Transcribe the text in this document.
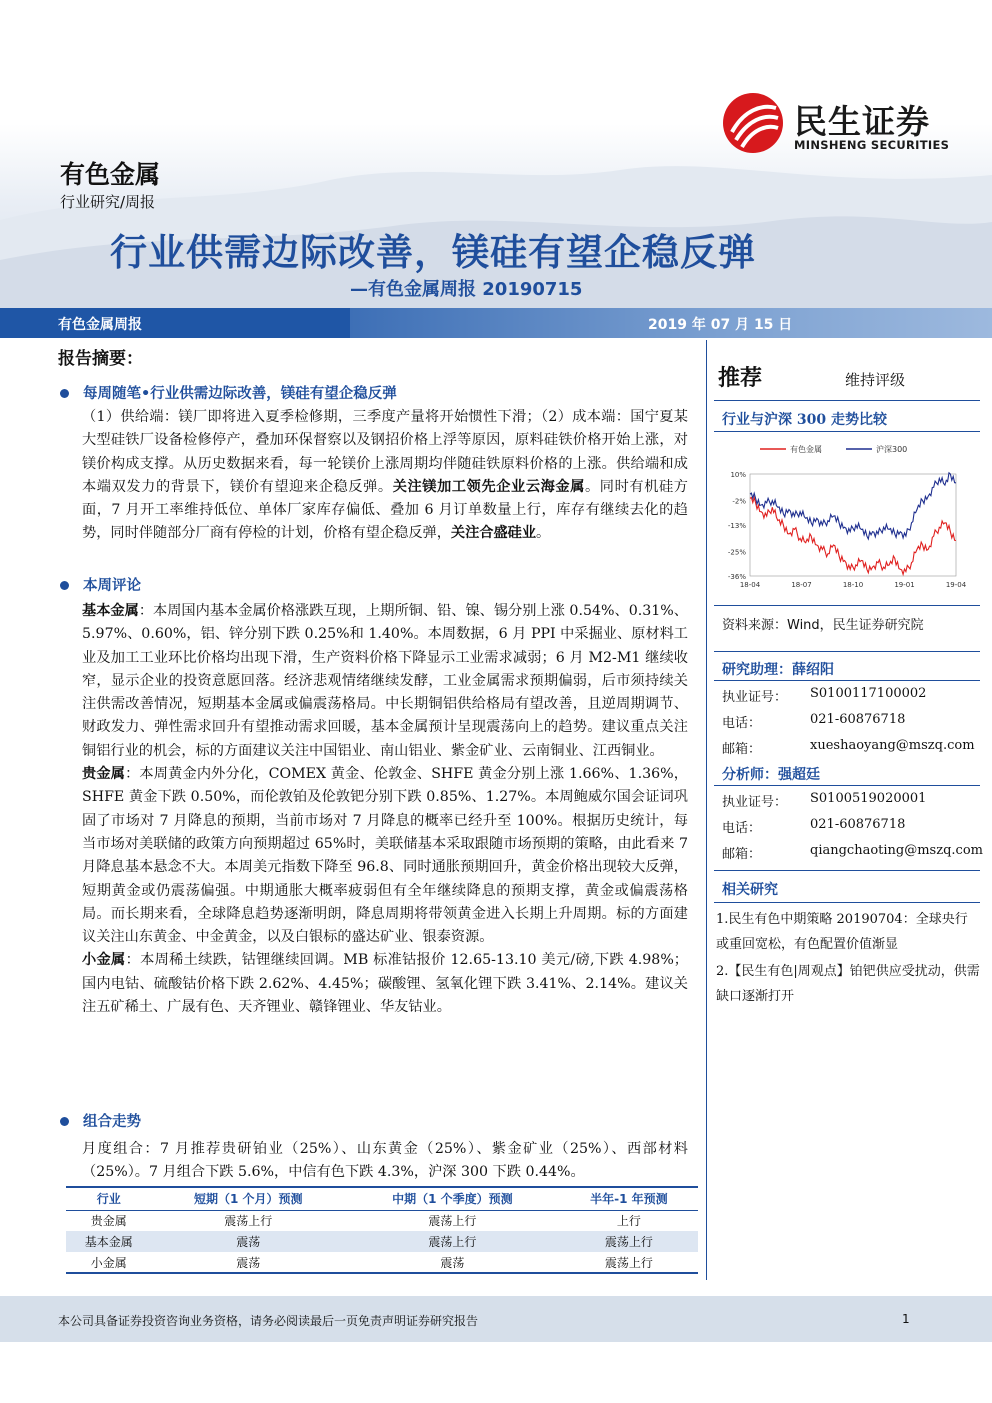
民生证券
MINSHENG SECURITIES
有色金属
行业研究/周报
行业供需边际改善，镁硅有望企稳反弹
—有色金属周报 20190715
有色金属周报	2019 年 07 月 15 日
报告摘要：
每周随笔•行业供需边际改善，镁硅有望企稳反弹
（1）供给端：镁厂即将进入夏季检修期，三季度产量将开始惯性下滑；（2）成本端：国宁夏某大型硅铁厂设备检修停产，叠加环保督察以及钢招价格上浮等原因，原料硅铁价格开始上涨，对镁价构成支撑。从历史数据来看，每一轮镁价上涨周期均伴随硅铁原料价格的上涨。供给端和成本端双发力的背景下，镁价有望迎来企稳反弹。关注镁加工领先企业云海金属。同时有机硅方面，7 月开工率维持低位、单体厂家库存偏低、叠加 6 月订单数量上行，库存有继续去化的趋势，同时伴随部分厂商有停检的计划，价格有望企稳反弹，关注合盛硅业。
本周评论
基本金属：本周国内基本金属价格涨跌互现，上期所铜、铅、镍、锡分别上涨 0.54%、0.31%、5.97%、0.60%，铝、锌分别下跌 0.25%和 1.40%。本周数据，6 月 PPI 中采掘业、原材料工业及加工工业环比价格均出现下滑，生产资料价格下降显示工业需求减弱；6 月 M2-M1 继续收窄，显示企业的投资意愿回落。经济悲观情绪继续发酵，工业金属需求预期偏弱，后市须持续关注供需改善情况，短期基本金属或偏震荡格局。中长期铜铝供给格局有望改善，且逆周期调节、财政发力、弹性需求回升有望推动需求回暖，基本金属预计呈现震荡向上的趋势。建议重点关注铜铝行业的机会，标的方面建议关注中国铝业、南山铝业、紫金矿业、云南铜业、江西铜业。
贵金属：本周黄金内外分化，COMEX 黄金、伦敦金、SHFE 黄金分别上涨 1.66%、1.36%，SHFE 黄金下跌 0.50%，而伦敦铂及伦敦钯分别下跌 0.85%、1.27%。本周鲍威尔国会证词巩固了市场对 7 月降息的预期，当前市场对 7 月降息的概率已经升至 100%。根据历史统计，每当市场对美联储的政策方向预期超过 65%时，美联储基本采取跟随市场预期的策略，由此看来 7 月降息基本悬念不大。本周美元指数下降至 96.8、同时通胀预期回升，黄金价格出现较大反弹，短期黄金或仍震荡偏强。中期通胀大概率疲弱但有全年继续降息的预期支撑，黄金或偏震荡格局。而长期来看，全球降息趋势逐渐明朗，降息周期将带领黄金进入长期上升周期。标的方面建议关注山东黄金、中金黄金，以及白银标的盛达矿业、银泰资源。
小金属：本周稀土续跌，钴锂继续回调。MB 标准钴报价 12.65-13.10 美元/磅,下跌 4.98%；国内电钴、硫酸钴价格下跌 2.62%、4.45%；碳酸锂、氢氧化锂下跌 3.41%、2.14%。建议关注五矿稀土、广晟有色、天齐锂业、赣锋锂业、华友钴业。
组合走势
月度组合：7 月推荐贵研铂业（25%）、山东黄金（25%）、紫金矿业（25%）、西部材料（25%）。7 月组合下跌 5.6%，中信有色下跌 4.3%，沪深 300 下跌 0.44%。
行业	短期（1 个月）预测	中期（1 个季度）预测	半年-1 年预测
贵金属	震荡上行	震荡上行	上行
基本金属	震荡	震荡上行	震荡上行
小金属	震荡	震荡	震荡上行
推荐	维持评级
行业与沪深 300 走势比较
有色金属	沪深300
10%
-2%
-13%
-25%
-36%
18-04	18-07	18-10	19-01	19-04
资料来源：Wind，民生证券研究院
研究助理：薛绍阳
执业证号： S0100117100002
电话：	021-60876718
邮箱：	xueshaoyang@mszq.com
分析师：强超廷
执业证号： S0100519020001
电话：	021-60876718
邮箱：	qiangchaoting@mszq.com
相关研究
1.民生有色中期策略 20190704：全球央行或重回宽松，有色配置价值渐显
2.【民生有色|周观点】铂钯供应受扰动，供需缺口逐渐打开
本公司具备证券投资咨询业务资格，请务必阅读最后一页免责声明证券研究报告	1
